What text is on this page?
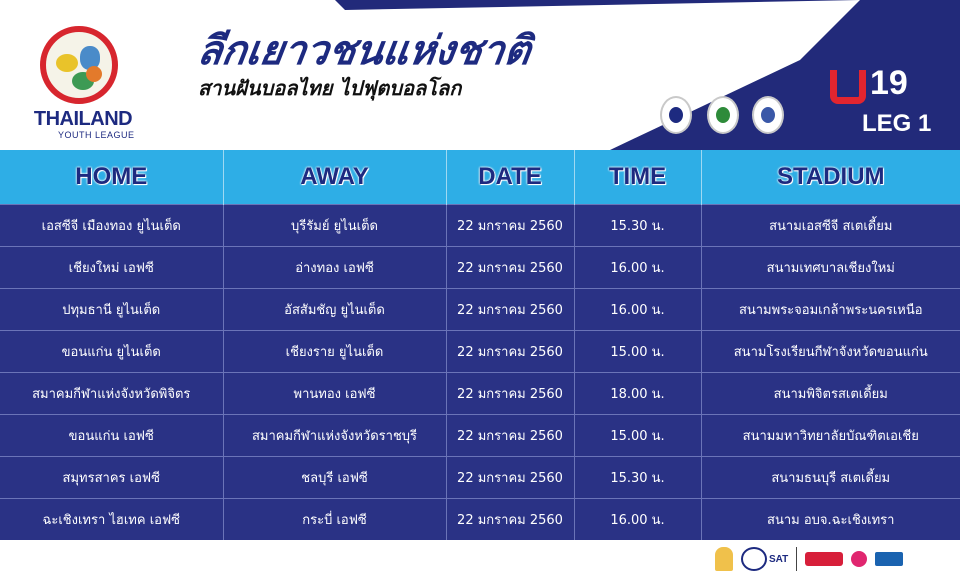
THAILAND
YOUTH LEAGUE
ลีกเยาวชนแห่งชาติ
สานฝันบอลไทย ไปฟุตบอลโลก	19
LEG 1
HOME	AWAY	DATE	TIME	STADIUM
เอสซีจี เมืองทอง ยูไนเต็ด	บุรีรัมย์ ยูไนเต็ด	22 มกราคม 2560	15.30 น.	สนามเอสซีจี สเตเดี้ยม
เชียงใหม่ เอฟซี	อ่างทอง เอฟซี	22 มกราคม 2560	16.00 น.	สนามเทศบาลเชียงใหม่
ปทุมธานี ยูไนเต็ด	อัสสัมชัญ ยูไนเต็ด	22 มกราคม 2560	16.00 น.	สนามพระจอมเกล้าพระนครเหนือ
ขอนแก่น ยูไนเต็ด	เชียงราย ยูไนเต็ด	22 มกราคม 2560	15.00 น.	สนามโรงเรียนกีฬาจังหวัดขอนแก่น
สมาคมกีฬาแห่งจังหวัดพิจิตร	พานทอง เอฟซี	22 มกราคม 2560	18.00 น.	สนามพิจิตรสเตเดี้ยม
ขอนแก่น เอฟซี	สมาคมกีฬาแห่งจังหวัดราชบุรี	22 มกราคม 2560	15.00 น.	สนามมหาวิทยาลัยบัณฑิตเอเชีย
สมุทรสาคร เอฟซี	ชลบุรี เอฟซี	22 มกราคม 2560	15.30 น.	สนามธนบุรี สเตเดี้ยม
ฉะเชิงเทรา ไฮเทค เอฟซี	กระบี่ เอฟซี	22 มกราคม 2560	16.00 น.	สนาม อบจ.ฉะเชิงเทรา
SAT
